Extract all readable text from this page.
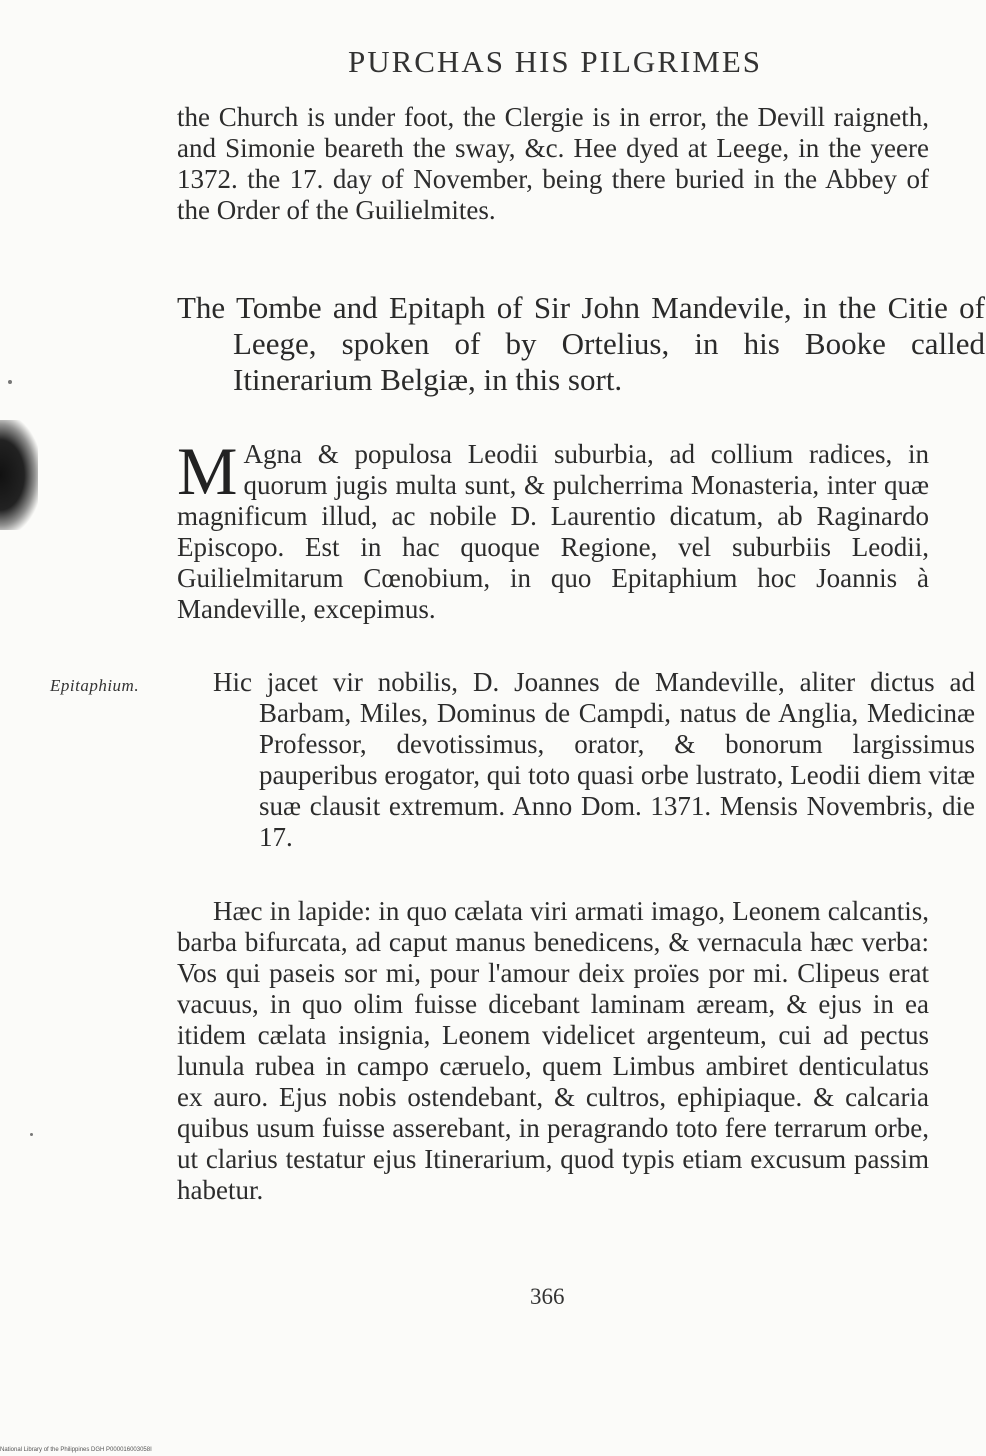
PURCHAS HIS PILGRIMES

the Church is under foot, the Clergie is in error, the Devill raigneth, and Simonie beareth the sway, &c. Hee dyed at Leege, in the yeere 1372. the 17. day of November, being there buried in the Abbey of the Order of the Guilielmites.

The Tombe and Epitaph of Sir John Mandevile, in the Citie of Leege, spoken of by Ortelius, in his Booke called Itinerarium Belgiæ, in this sort.

M Agna & populosa Leodii suburbia, ad collium radices, in quorum jugis multa sunt, & pulcherrima Monasteria, inter quæ magnificum illud, ac nobile D. Laurentio dicatum, ab Raginardo Episcopo. Est in hac quoque Regione, vel suburbiis Leodii, Guilielmitarum Cœnobium, in quo Epitaphium hoc Joannis à Mandeville, excepimus.

Epitaphium.	Hic jacet vir nobilis, D. Joannes de Mandeville, aliter dictus ad Barbam, Miles, Dominus de Campdi, natus de Anglia, Medicinæ Professor, devotissimus, orator, & bonorum largissimus pauperibus erogator, qui toto quasi orbe lustrato, Leodii diem vitæ suæ clausit extremum. Anno Dom. 1371. Mensis Novembris, die 17.

Hæc in lapide: in quo cælata viri armati imago, Leonem calcantis, barba bifurcata, ad caput manus benedicens, & vernacula hæc verba: Vos qui paseis sor mi, pour l'amour deix proïes por mi. Clipeus erat vacuus, in quo olim fuisse dicebant laminam æream, & ejus in ea itidem cælata insignia, Leonem videlicet argenteum, cui ad pectus lunula rubea in campo cæruelo, quem Limbus ambiret denticulatus ex auro. Ejus nobis ostendebant, & cultros, ephipiaque. & calcaria quibus usum fuisse asserebant, in peragrando toto fere terrarum orbe, ut clarius testatur ejus Itinerarium, quod typis etiam excusum passim habetur.

366
National Library of the Philippines DGH P000016003058I
